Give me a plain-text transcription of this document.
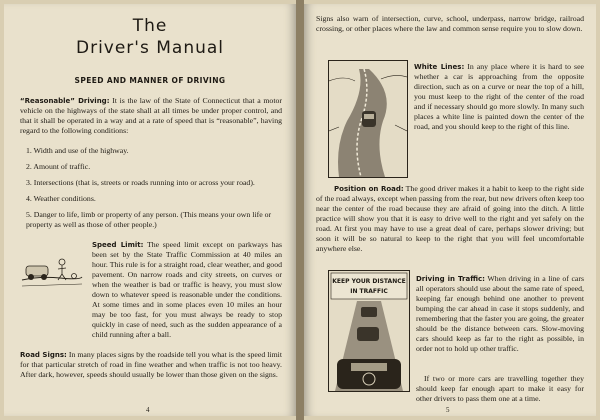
The

Driver's Manual

SPEED AND MANNER OF DRIVING

“Reasonable” Driving: It is the law of the State of Connecticut that a motor vehicle on the highways of the state shall at all times be under proper control, and that it shall be operated in a way and at a rate of speed that is “reasonable”, having regard to the following conditions:

1. Width and use of the highway.
2. Amount of traffic.
3. Intersections (that is, streets or roads running into or across your road).
4. Weather conditions.
5. Danger to life, limb or property of any person. (This means your own life or property as well as those of other people.)

Speed Limit: The speed limit except on parkways has been set by the State Traffic Commission at 40 miles an hour. This rule is for a straight road, clear weather, and good pavement. On narrow roads and city streets, on curves or when the weather is bad or traffic is heavy, you must slow down to whatever speed is reasonable under the conditions. At some times and in some places even 10 miles an hour may be too fast, for you must always be ready to stop quickly in case of need, such as the sudden appearance of a child running after a ball.

Road Signs: In many places signs by the roadside tell you what is the speed limit for that particular stretch of road in fine weather and when traffic is not too heavy. After dark, however, speeds should usually be lower than those given on the signs.

4

Signs also warn of intersection, curve, school, underpass, narrow bridge, railroad crossing, or other places where the law and common sense require you to slow down.

White Lines: In any place where it is hard to see whether a car is approaching from the opposite direction, such as on a curve or near the top of a hill, you must keep to the right of the center of the road and if necessary should go more slowly. In many such places a white line is painted down the center of the road, and you should keep to the right of this line.

Position on Road: The good driver makes it a habit to keep to the right side of the road always, except when passing from the rear, but new drivers often keep too near the center of the road because they are afraid of going into the ditch. A little practice will show you that it is easy to drive well to the right and yet safely on the road. At first you may have to use a great deal of care, perhaps slower driving; but soon it will be so natural to keep to the right that you will feel uncomfortable anywhere else.

KEEP YOUR DISTANCE
IN TRAFFIC

Driving in Traffic: When driving in a line of cars all operators should use about the same rate of speed, keeping far enough behind one another to prevent bumping the car ahead in case it stops suddenly, and remembering that the faster you are going, the greater should be the distance between cars. Slow-moving cars should keep as far to the right as possible, in order not to hold up other traffic.

If two or more cars are travelling together they should keep far enough apart to make it easy for other drivers to pass them one at a time.

5
